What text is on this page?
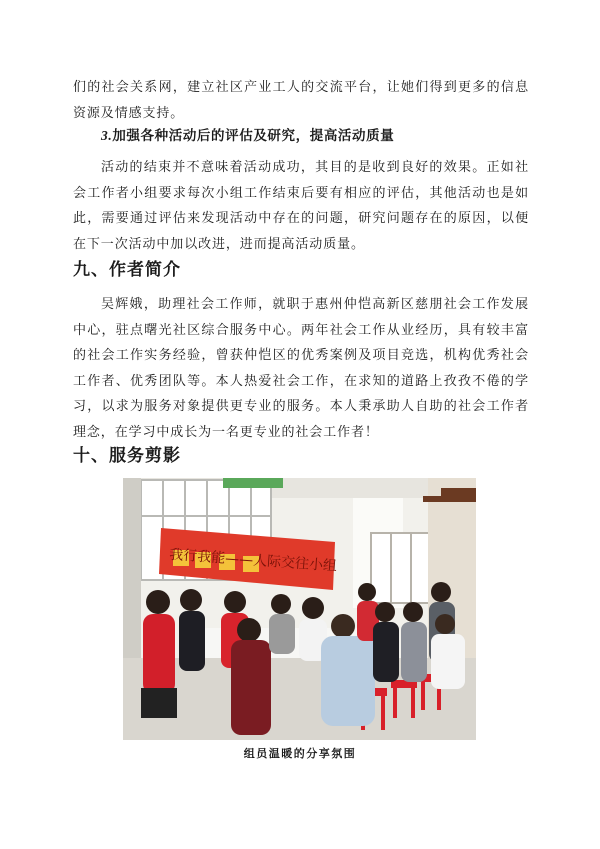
们的社会关系网，建立社区产业工人的交流平台，让她们得到更多的信息资源及情感支持。

3.加强各种活动后的评估及研究，提高活动质量

活动的结束并不意味着活动成功，其目的是收到良好的效果。正如社会工作者小组要求每次小组工作结束后要有相应的评估，其他活动也是如此，需要通过评估来发现活动中存在的问题，研究问题存在的原因，以便在下一次活动中加以改进，进而提高活动质量。

九、作者简介

吴辉娥，助理社会工作师，就职于惠州仲恺高新区慈朋社会工作发展中心，驻点曙光社区综合服务中心。两年社会工作从业经历，具有较丰富的社会工作实务经验，曾获仲恺区的优秀案例及项目竞选，机构优秀社会工作者、优秀团队等。本人热爱社会工作，在求知的道路上孜孜不倦的学习，以求为服务对象提供更专业的服务。本人秉承助人自助的社会工作者理念，在学习中成长为一名更专业的社会工作者！

十、服务剪影
我行我能——人际交往小组
组员温暖的分享氛围
